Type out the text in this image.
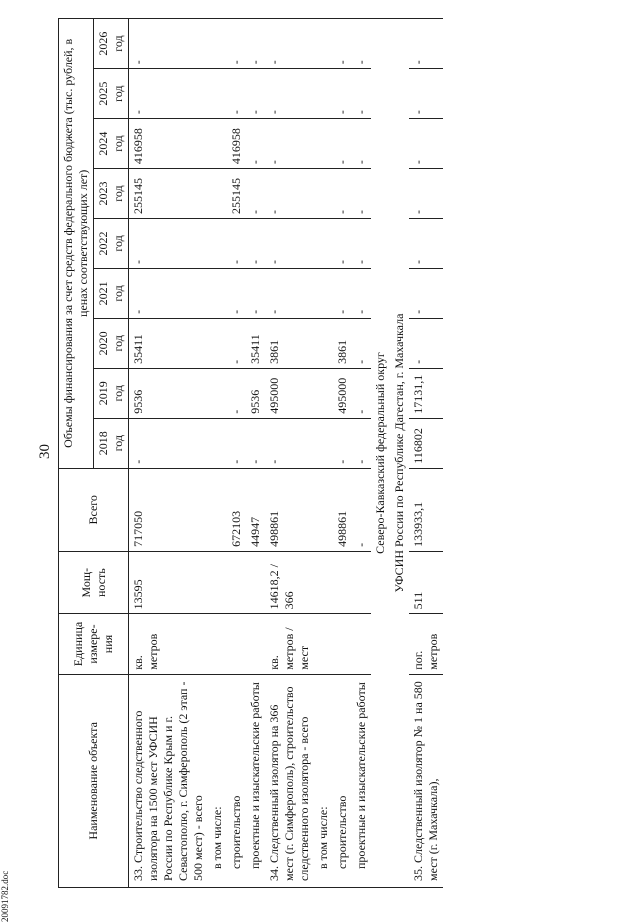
30
20091782.doc
Наименование объекта	Единица измере-ния	Мощ-ность	Всего	Объемы финансирования за счет средств федерального бюджета (тыс. рублей, в ценах соответствующих лет)								
				2018 год	2019 год	2020 год	2021 год	2022 год	2023 год	2024 год	2025 год	2026 год
33. Строительство следственного изолятора на 1500 мест УФСИН России по Республике Крым и г. Севастополю, г. Симферополь (2 этап - 500 мест) - всего	кв. метров	13595	717050	-	9536	35411	-	-	255145	416958	-	-
в том числе:												
строительство			672103	-	-	-	-	-	255145	416958	-	-
проектные и изыскательские работы			44947	-	9536	35411	-	-	-	-	-	-
34. Следственный изолятор на 366 мест (г. Симферополь), строительство следственного изолятора - всего	кв. метров / мест	14618,2 / 366	498861	-	495000	3861	-	-	-	-	-	-
в том числе:												
строительство			498861	-	495000	3861	-	-	-	-	-	-
проектные и изыскательские работы			-	-	-	-	-	-	-	-	-	-
Северо-Кавказский федеральный округ												
УФСИН России по Республике Дагестан, г. Махачкала												
35. Следственный изолятор № 1 на 580 мест (г. Махачкала),	пог. метров	511	133933,1	116802	17131,1	-	-	-	-	-	-	-
